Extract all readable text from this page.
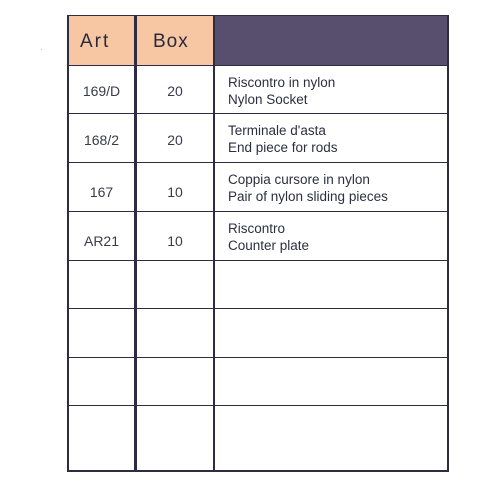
Art Box
169/D	20
Riscontro in nylon
Nylon Socket
168/2	20
Terminale d'asta
End piece for rods
167	10
Coppia cursore in nylon
Pair of nylon sliding pieces
AR21	10
Riscontro
Counter plate
